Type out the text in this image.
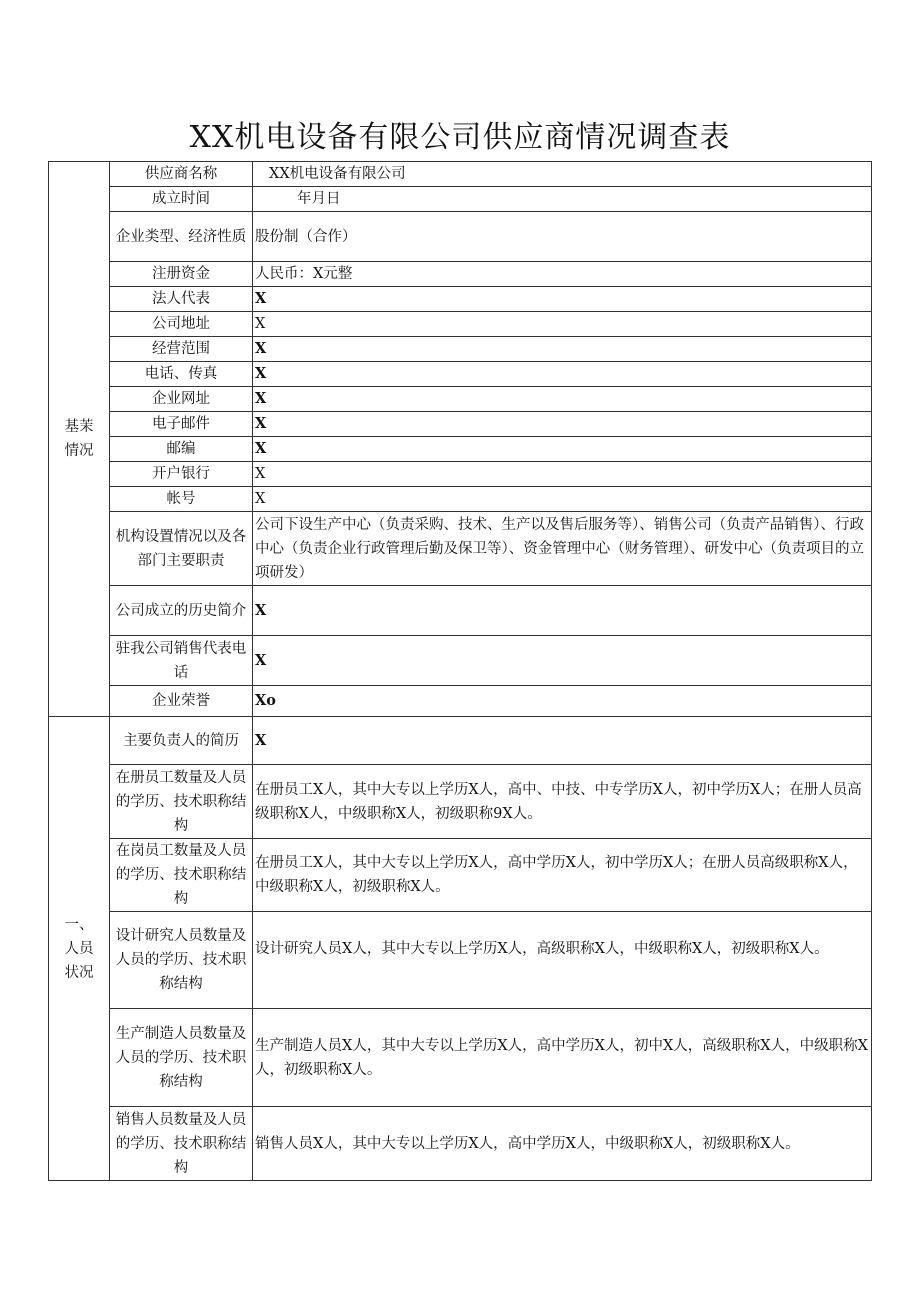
XX机电设备有限公司供应商情况调查表
基茉
情况	供应商名称	XX机电设备有限公司
	成立时间	年月日
	企业类型、经济性质	股份制（合作）
	注册资金	人民币：X元整
	法人代表	X
	公司地址	X
	经营范围	X
	电话、传真	X
	企业网址	X
	电子邮件	X
	邮编	X
	开户银行	X
	帐号	X
	机构设置情况以及各部门主要职责	公司下设生产中心（负责采购、技术、生产以及售后服务等）、销售公司（负责产品销售）、行政中心（负责企业行政管理后勤及保卫等）、资金管理中心（财务管理）、研发中心（负责项目的立项研发）
	公司成立的历史简介	X
	驻我公司销售代表电话	X
	企业荣誉	Xo
一、
人员
状况	主要负责人的简历	X
	在册员工数量及人员的学历、技术职称结构	在册员工X人，其中大专以上学历X人，高中、中技、中专学历X人，初中学历X人；在册人员高级职称X人，中级职称X人，初级职称9X人。
	在岗员工数量及人员的学历、技术职称结构	在册员工X人，其中大专以上学历X人，高中学历X人，初中学历X人；在册人员高级职称X人，中级职称X人，初级职称X人。
	设计研究人员数量及人员的学历、技术职称结构	设计研究人员X人，其中大专以上学历X人，高级职称X人，中级职称X人，初级职称X人。
	生产制造人员数量及人员的学历、技术职称结构	生产制造人员X人，其中大专以上学历X人，高中学历X人，初中X人，高级职称X人，中级职称X人，初级职称X人。
	销售人员数量及人员的学历、技术职称结构	销售人员X人，其中大专以上学历X人，高中学历X人，中级职称X人，初级职称X人。
